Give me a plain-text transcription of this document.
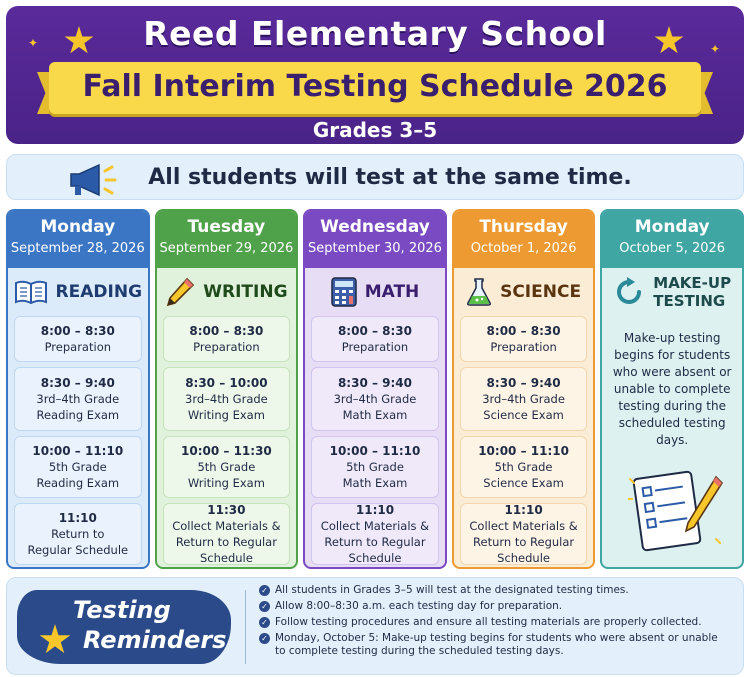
✦	✦
Reed Elementary School
Fall Interim Testing Schedule 2026
Grades 3–5
All students will test at the same time.
Monday
September 28, 2026
READING
8:00 – 8:30
Preparation
8:30 – 9:40
3rd–4th Grade
Reading Exam
10:00 – 11:10
5th Grade
Reading Exam
11:10
Return to
Regular Schedule
Tuesday
September 29, 2026
WRITING
8:00 – 8:30
Preparation
8:30 – 10:00
3rd–4th Grade
Writing Exam
10:00 – 11:30
5th Grade
Writing Exam
11:30
Collect Materials &
Return to Regular
Schedule
Wednesday
September 30, 2026
MATH
8:00 – 8:30
Preparation
8:30 – 9:40
3rd–4th Grade
Math Exam
10:00 – 11:10
5th Grade
Math Exam
11:10
Collect Materials &
Return to Regular
Schedule
Thursday
October 1, 2026
SCIENCE
8:00 – 8:30
Preparation
8:30 – 9:40
3rd–4th Grade
Science Exam
10:00 – 11:10
5th Grade
Science Exam
11:10
Collect Materials &
Return to Regular
Schedule
Monday
October 5, 2026
MAKE-UP
TESTING
Make-up testing begins for students who were absent or unable to complete testing during the scheduled testing days.
Testing
Reminders
✓ All students in Grades 3–5 will test at the designated testing times.
✓ Allow 8:00–8:30 a.m. each testing day for preparation.
✓ Follow testing procedures and ensure all testing materials are properly collected.
✓ Monday, October 5: Make-up testing begins for students who were absent or unable to complete testing during the scheduled testing days.
